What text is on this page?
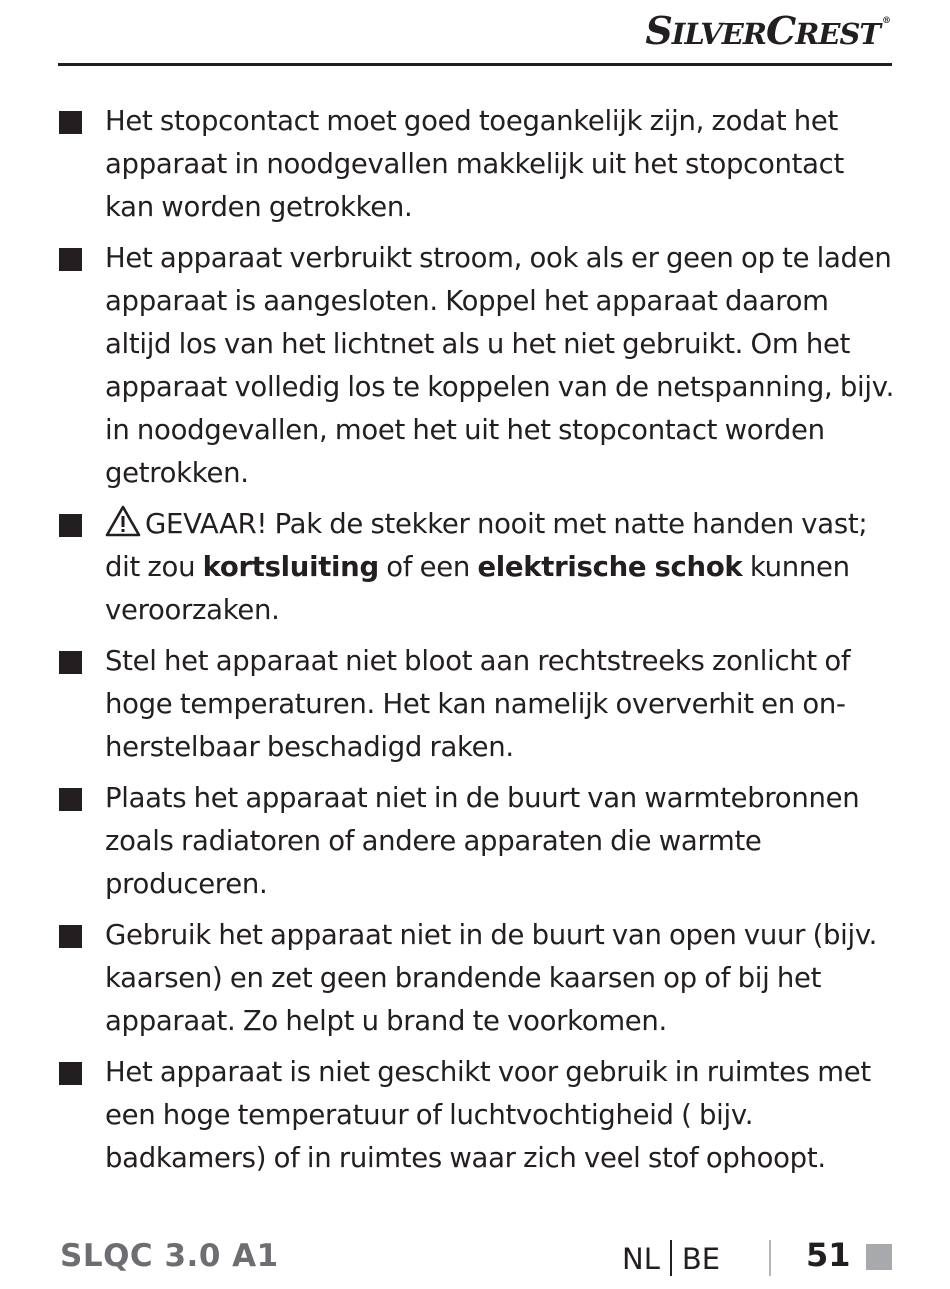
SILVERCREST ®
Het stopcontact moet goed toegankelijk zijn, zodat het apparaat in noodgevallen makkelijk uit het stopcontact kan worden getrokken.
Het apparaat verbruikt stroom, ook als er geen op te laden apparaat is aangesloten. Koppel het apparaat daarom altijd los van het lichtnet als u het niet gebruikt. Om het apparaat volledig los te koppelen van de netspanning, bijv. in noodgevallen, moet het uit het stopcontact worden getrokken.
GEVAAR! Pak de stekker nooit met natte handen vast; dit zou kortsluiting of een elektrische schok kunnen veroorzaken.
Stel het apparaat niet bloot aan rechtstreeks zonlicht of hoge temperaturen. Het kan namelijk oververhit en on-herstelbaar beschadigd raken.
Plaats het apparaat niet in de buurt van warmtebronnen zoals radiatoren of andere apparaten die warmte produceren.
Gebruik het apparaat niet in de buurt van open vuur (bijv. kaarsen) en zet geen brandende kaarsen op of bij het apparaat. Zo helpt u brand te voorkomen.
Het apparaat is niet geschikt voor gebruik in ruimtes met een hoge temperatuur of luchtvochtigheid ( bijv. badkamers) of in ruimtes waar zich veel stof ophoopt.
SLQC 3.0 A1	NL BE	51
